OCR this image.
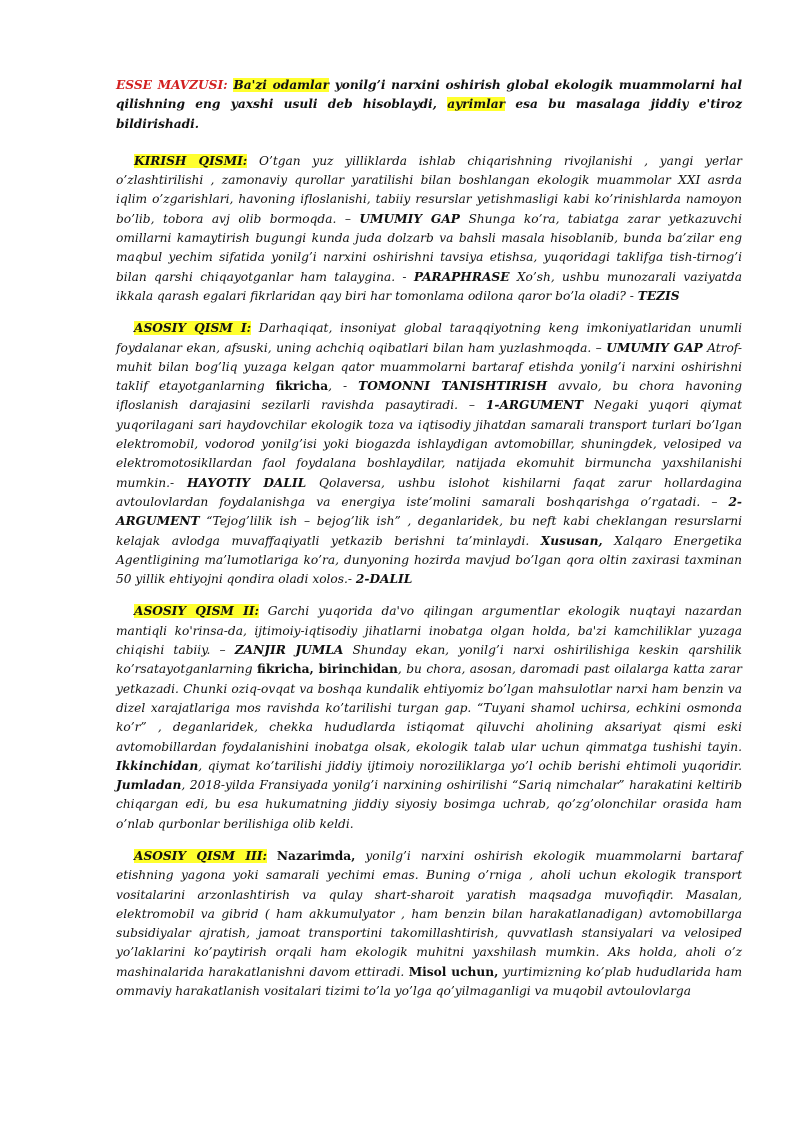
ESSE MAVZUSI: Ba'zi odamlar yonilg’i narxini oshirish global ekologik muammolarni hal qilishning eng yaxshi usuli deb hisoblaydi, ayrimlar esa bu masalaga jiddiy e'tiroz bildirishadi.

KIRISH QISMI: O’tgan yuz yilliklarda ishlab chiqarishning rivojlanishi , yangi yerlar o’zlashtirilishi , zamonaviy qurollar yaratilishi bilan boshlangan ekologik muammolar XXI asrda iqlim o’zgarishlari, havoning ifloslanishi, tabiiy resurslar yetishmasligi kabi ko’rinishlarda namoyon bo’lib, tobora avj olib bormoqda. – UMUMIY GAP Shunga ko’ra, tabiatga zarar yetkazuvchi omillarni kamaytirish bugungi kunda juda dolzarb va bahsli masala hisoblanib, bunda ba’zilar eng maqbul yechim sifatida yonilg’i narxini oshirishni tavsiya etishsa, yuqoridagi taklifga tish-tirnog’i bilan qarshi chiqayotganlar ham talaygina. - PARAPHRASE Xo’sh, ushbu munozarali vaziyatda ikkala qarash egalari fikrlaridan qay biri har tomonlama odilona qaror bo’la oladi? - TEZIS

ASOSIY QISM I: Darhaqiqat, insoniyat global taraqqiyotning keng imkoniyatlaridan unumli foydalanar ekan, afsuski, uning achchiq oqibatlari bilan ham yuzlashmoqda. – UMUMIY GAP Atrof-muhit bilan bog’liq yuzaga kelgan qator muammolarni bartaraf etishda yonilg’i narxini oshirishni taklif etayotganlarning fikricha, - TOMONNI TANISHTIRISH avvalo, bu chora havoning ifloslanish darajasini sezilarli ravishda pasaytiradi. – 1-ARGUMENT Negaki yuqori qiymat yuqorilagani sari haydovchilar ekologik toza va iqtisodiy jihatdan samarali transport turlari bo’lgan elektromobil, vodorod yonilg’isi yoki biogazda ishlaydigan avtomobillar, shuningdek, velosiped va elektromotosikllardan faol foydalana boshlaydilar, natijada ekomuhit birmuncha yaxshilanishi mumkin.- HAYOTIY DALIL Qolaversa, ushbu islohot kishilarni faqat zarur hollardagina avtoulovlardan foydalanishga va energiya iste’molini samarali boshqarishga o’rgatadi. – 2-ARGUMENT “Tejog’lilik ish – bejog’lik ish” , deganlaridek, bu neft kabi cheklangan resurslarni kelajak avlodga muvaffaqiyatli yetkazib berishni ta’minlaydi. Xususan, Xalqaro Energetika Agentligining ma’lumotlariga ko’ra, dunyoning hozirda mavjud bo’lgan qora oltin zaxirasi taxminan 50 yillik ehtiyojni qondira oladi xolos.- 2-DALIL

ASOSIY QISM II: Garchi yuqorida da'vo qilingan argumentlar ekologik nuqtayi nazardan mantiqli ko'rinsa-da, ijtimoiy-iqtisodiy jihatlarni inobatga olgan holda, ba'zi kamchiliklar yuzaga chiqishi tabiiy. – ZANJIR JUMLA Shunday ekan, yonilg’i narxi oshirilishiga keskin qarshilik ko’rsatayotganlarning fikricha, birinchidan, bu chora, asosan, daromadi past oilalarga katta zarar yetkazadi. Chunki oziq-ovqat va boshqa kundalik ehtiyomiz bo’lgan mahsulotlar narxi ham benzin va dizel xarajatlariga mos ravishda ko’tarilishi turgan gap. “Tuyani shamol uchirsa, echkini osmonda ko’r” , deganlaridek, chekka hududlarda istiqomat qiluvchi aholining aksariyat qismi eski avtomobillardan foydalanishini inobatga olsak, ekologik talab ular uchun qimmatga tushishi tayin. Ikkinchidan, qiymat ko’tarilishi jiddiy ijtimoiy noroziliklarga yo’l ochib berishi ehtimoli yuqoridir. Jumladan, 2018-yilda Fransiyada yonilg’i narxining oshirilishi “Sariq nimchalar” harakatini keltirib chiqargan edi, bu esa hukumatning jiddiy siyosiy bosimga uchrab, qo’zg’olonchilar orasida ham o’nlab qurbonlar berilishiga olib keldi.

ASOSIY QISM III: Nazarimda, yonilg’i narxini oshirish ekologik muammolarni bartaraf etishning yagona yoki samarali yechimi emas. Buning o’rniga , aholi uchun ekologik transport vositalarini arzonlashtirish va qulay shart-sharoit yaratish maqsadga muvofiqdir. Masalan, elektromobil va gibrid ( ham akkumulyator , ham benzin bilan harakatlanadigan) avtomobillarga subsidiyalar ajratish, jamoat transportini takomillashtirish, quvvatlash stansiyalari va velosiped yo’laklarini ko’paytirish orqali ham ekologik muhitni yaxshilash mumkin. Aks holda, aholi o’z mashinalarida harakatlanishni davom ettiradi. Misol uchun, yurtimizning ko’plab hududlarida ham ommaviy harakatlanish vositalari tizimi to’la yo’lga qo’yilmaganligi va muqobil avtoulovlarga
